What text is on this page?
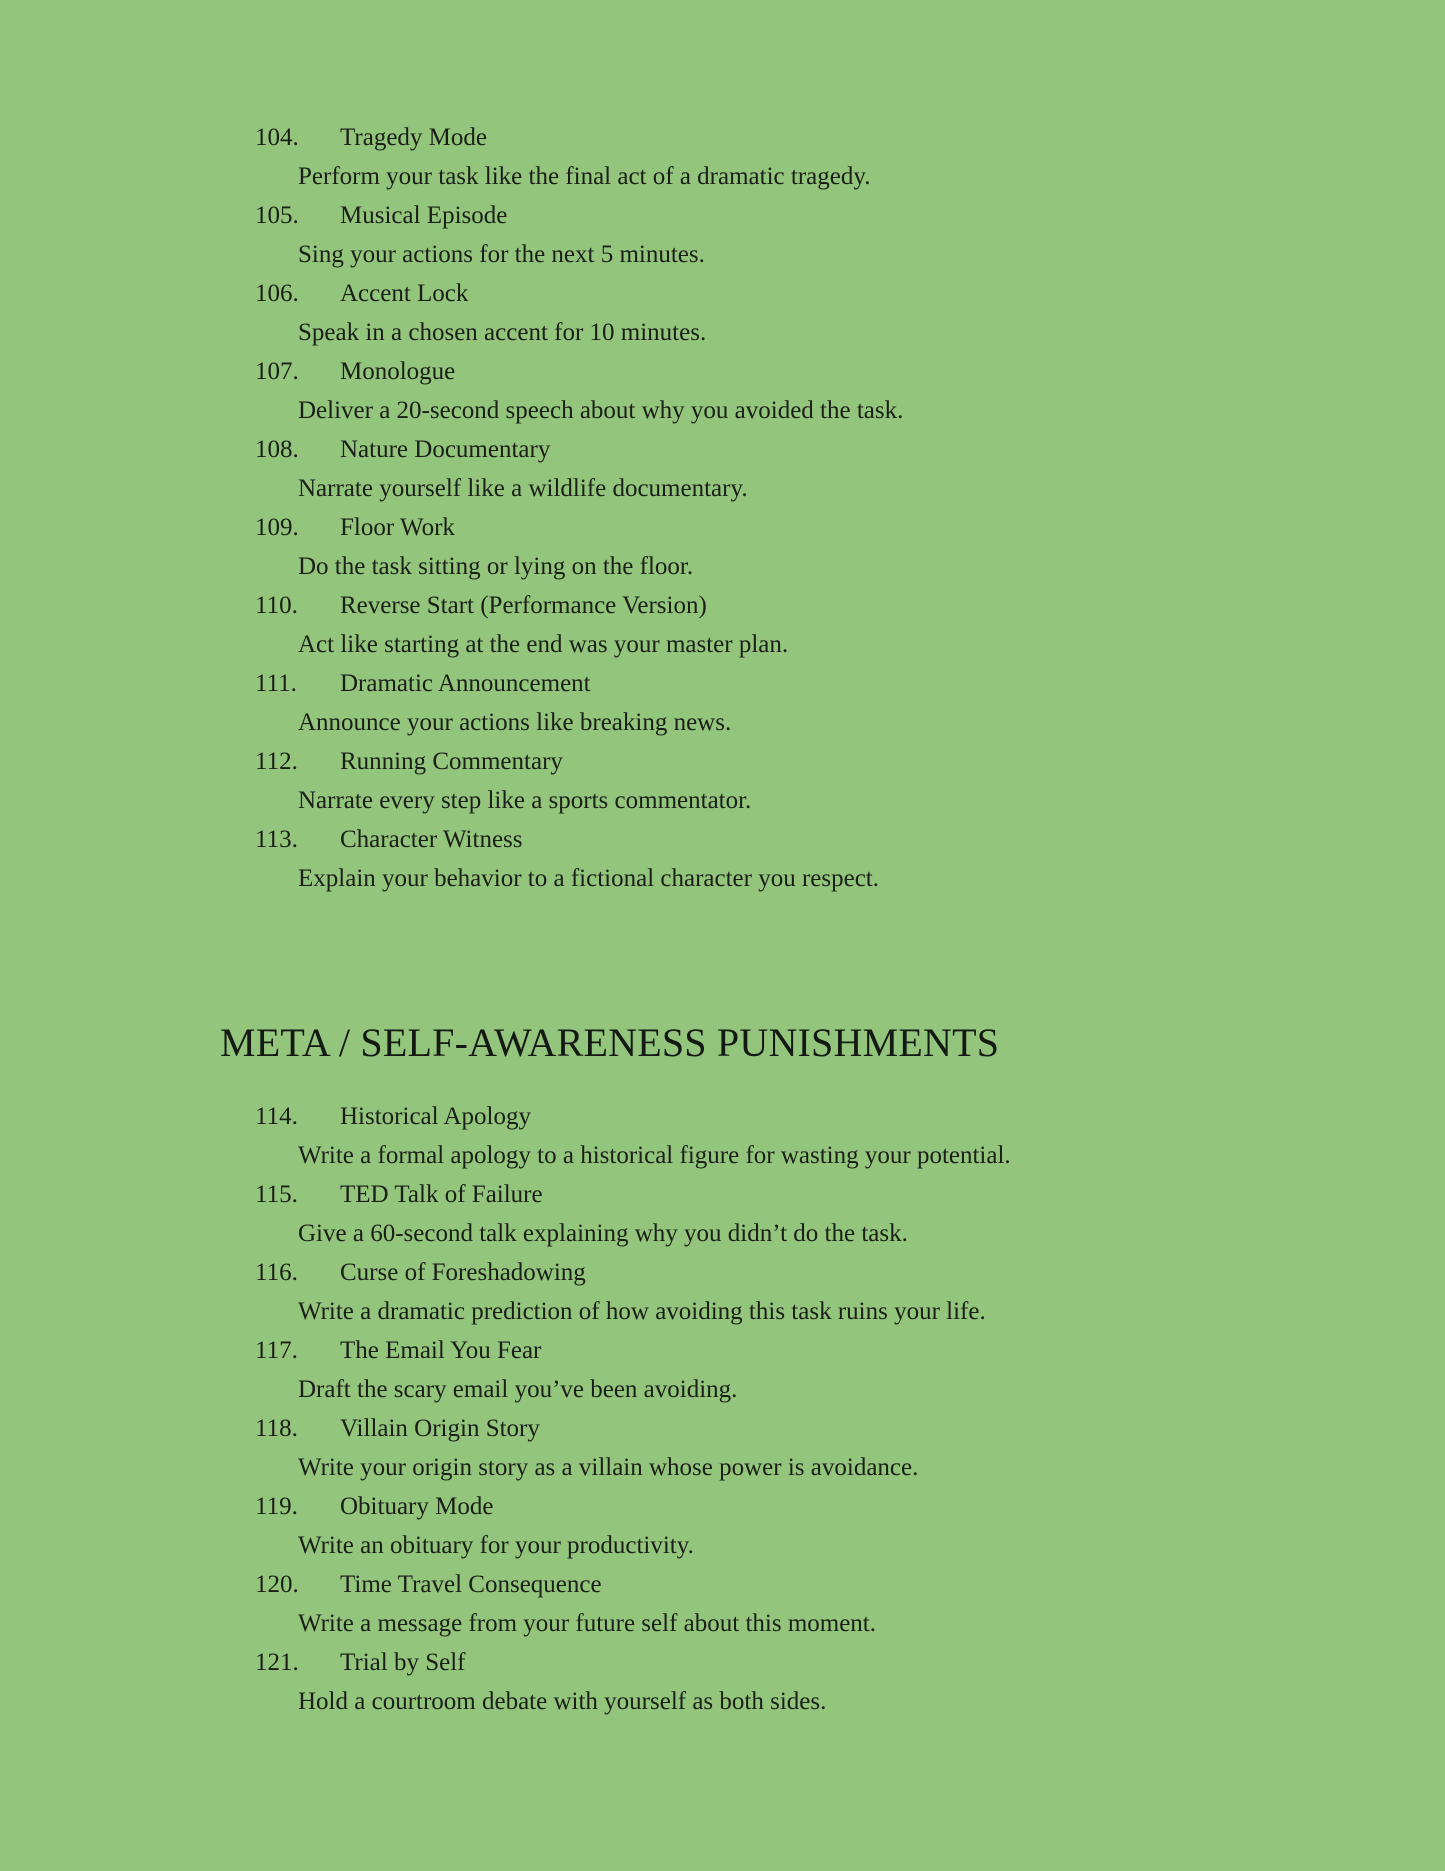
104. Tragedy Mode
Perform your task like the final act of a dramatic tragedy.
105. Musical Episode
Sing your actions for the next 5 minutes.
106. Accent Lock
Speak in a chosen accent for 10 minutes.
107. Monologue
Deliver a 20-second speech about why you avoided the task.
108. Nature Documentary
Narrate yourself like a wildlife documentary.
109. Floor Work
Do the task sitting or lying on the floor.
110. Reverse Start (Performance Version)
Act like starting at the end was your master plan.
111. Dramatic Announcement
Announce your actions like breaking news.
112. Running Commentary
Narrate every step like a sports commentator.
113. Character Witness
Explain your behavior to a fictional character you respect.
META / SELF-AWARENESS PUNISHMENTS
114. Historical Apology
Write a formal apology to a historical figure for wasting your potential.
115. TED Talk of Failure
Give a 60-second talk explaining why you didn’t do the task.
116. Curse of Foreshadowing
Write a dramatic prediction of how avoiding this task ruins your life.
117. The Email You Fear
Draft the scary email you’ve been avoiding.
118. Villain Origin Story
Write your origin story as a villain whose power is avoidance.
119. Obituary Mode
Write an obituary for your productivity.
120. Time Travel Consequence
Write a message from your future self about this moment.
121. Trial by Self
Hold a courtroom debate with yourself as both sides.
